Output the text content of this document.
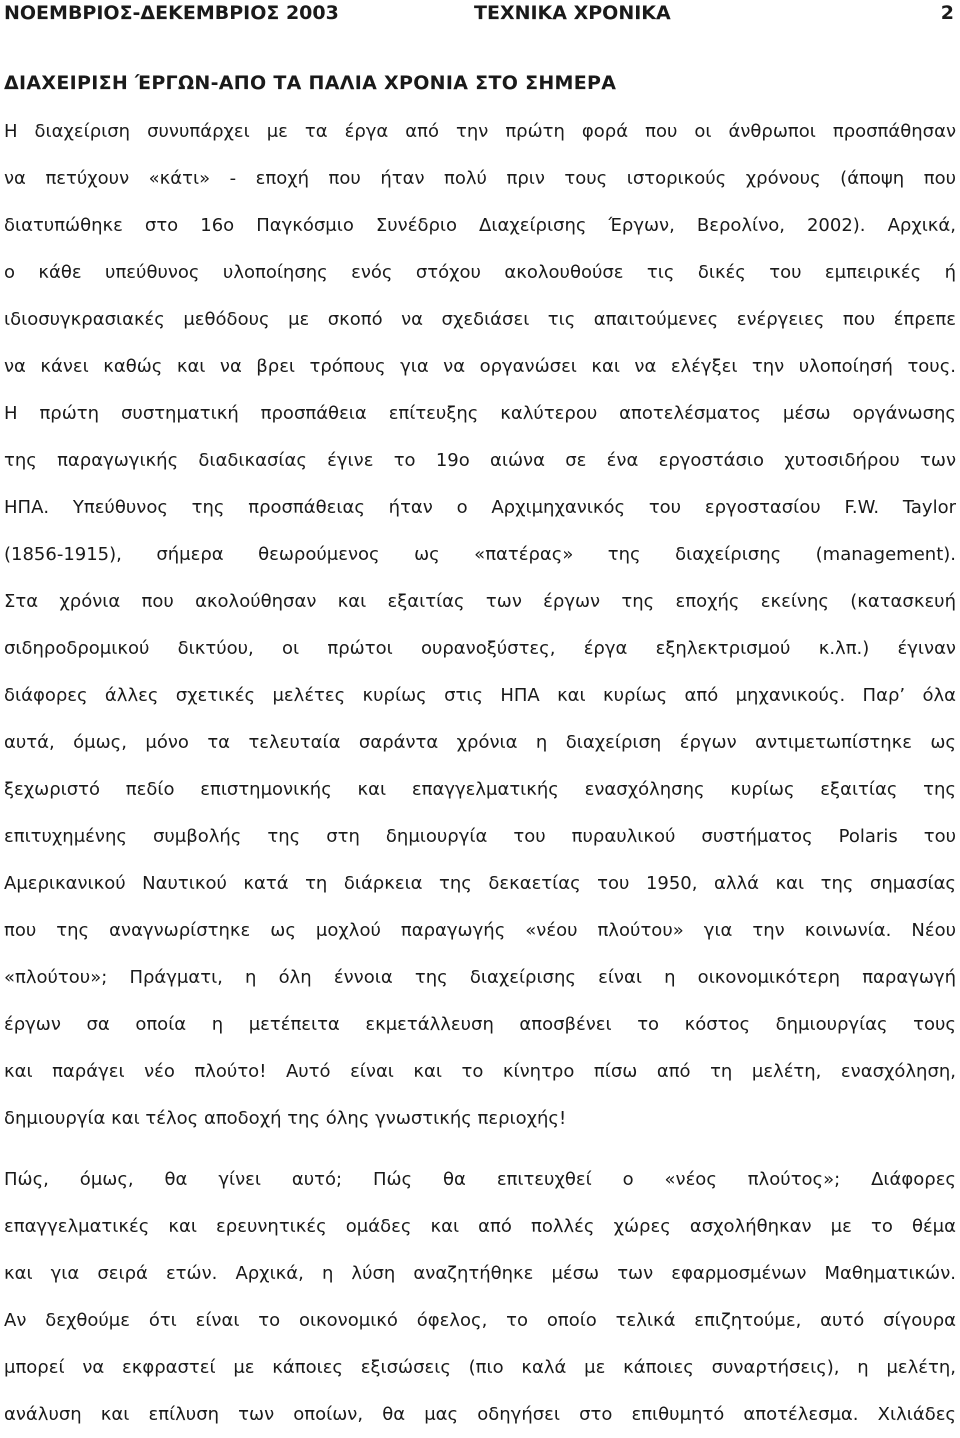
ΝΟΕΜΒΡΙΟΣ-ΔΕΚΕΜΒΡΙΟΣ 2003	ΤΕΧΝΙΚΑ ΧΡΟΝΙΚΑ	2
ΔΙΑΧΕΙΡΙΣΗ ΈΡΓΩΝ-ΑΠΟ ΤΑ ΠΑΛΙΑ ΧΡΟΝΙΑ ΣΤΟ ΣΗΜΕΡΑ
Η διαχείριση συνυπάρχει με τα έργα από την πρώτη φορά που οι άνθρωποι προσπάθησαν
να πετύχουν «κάτι» - εποχή που ήταν πολύ πριν τους ιστορικούς χρόνους (άποψη που
διατυπώθηκε στο 16ο Παγκόσμιο Συνέδριο Διαχείρισης Έργων, Βερολίνο, 2002). Αρχικά,
ο κάθε υπεύθυνος υλοποίησης ενός στόχου ακολουθούσε τις δικές του εμπειρικές ή
ιδιοσυγκρασιακές μεθόδους με σκοπό να σχεδιάσει τις απαιτούμενες ενέργειες που έπρεπε
να κάνει καθώς και να βρει τρόπους για να οργανώσει και να ελέγξει την υλοποίησή τους.
Η πρώτη συστηματική προσπάθεια επίτευξης καλύτερου αποτελέσματος μέσω οργάνωσης
της παραγωγικής διαδικασίας έγινε το 19ο αιώνα σε ένα εργοστάσιο χυτοσιδήρου των
ΗΠΑ. Υπεύθυνος της προσπάθειας ήταν ο Αρχιμηχανικός του εργοστασίου F.W. Taylor
(1856-1915), σήμερα θεωρούμενος ως «πατέρας» της διαχείρισης (management).
Στα χρόνια που ακολούθησαν και εξαιτίας των έργων της εποχής εκείνης (κατασκευή
σιδηροδρομικού δικτύου, οι πρώτοι ουρανοξύστες, έργα εξηλεκτρισμού κ.λπ.) έγιναν
διάφορες άλλες σχετικές μελέτες κυρίως στις ΗΠΑ και κυρίως από μηχανικούς. Παρ’ όλα
αυτά, όμως, μόνο τα τελευταία σαράντα χρόνια η διαχείριση έργων αντιμετωπίστηκε ως
ξεχωριστό πεδίο επιστημονικής και επαγγελματικής ενασχόλησης κυρίως εξαιτίας της
επιτυχημένης συμβολής της στη δημιουργία του πυραυλικού συστήματος Polaris του
Αμερικανικού Ναυτικού κατά τη διάρκεια της δεκαετίας του 1950, αλλά και της σημασίας
που της αναγνωρίστηκε ως μοχλού παραγωγής «νέου πλούτου» για την κοινωνία. Νέου
«πλούτου»; Πράγματι, η όλη έννοια της διαχείρισης είναι η οικονομικότερη παραγωγή
έργων σα οποία η μετέπειτα εκμετάλλευση αποσβένει το κόστος δημιουργίας τους
και παράγει νέο πλούτο! Αυτό είναι και το κίνητρο πίσω από τη μελέτη, ενασχόληση,
δημιουργία και τέλος αποδοχή της όλης γνωστικής περιοχής!
Πώς, όμως, θα γίνει αυτό; Πώς θα επιτευχθεί ο «νέος πλούτος»; Διάφορες
επαγγελματικές και ερευνητικές ομάδες και από πολλές χώρες ασχολήθηκαν με το θέμα
και για σειρά ετών. Αρχικά, η λύση αναζητήθηκε μέσω των εφαρμοσμένων Μαθηματικών.
Αν δεχθούμε ότι είναι το οικονομικό όφελος, το οποίο τελικά επιζητούμε, αυτό σίγουρα
μπορεί να εκφραστεί με κάποιες εξισώσεις (πιο καλά με κάποιες συναρτήσεις), η μελέτη,
ανάλυση και επίλυση των οποίων, θα μας οδηγήσει στο επιθυμητό αποτέλεσμα. Χιλιάδες
